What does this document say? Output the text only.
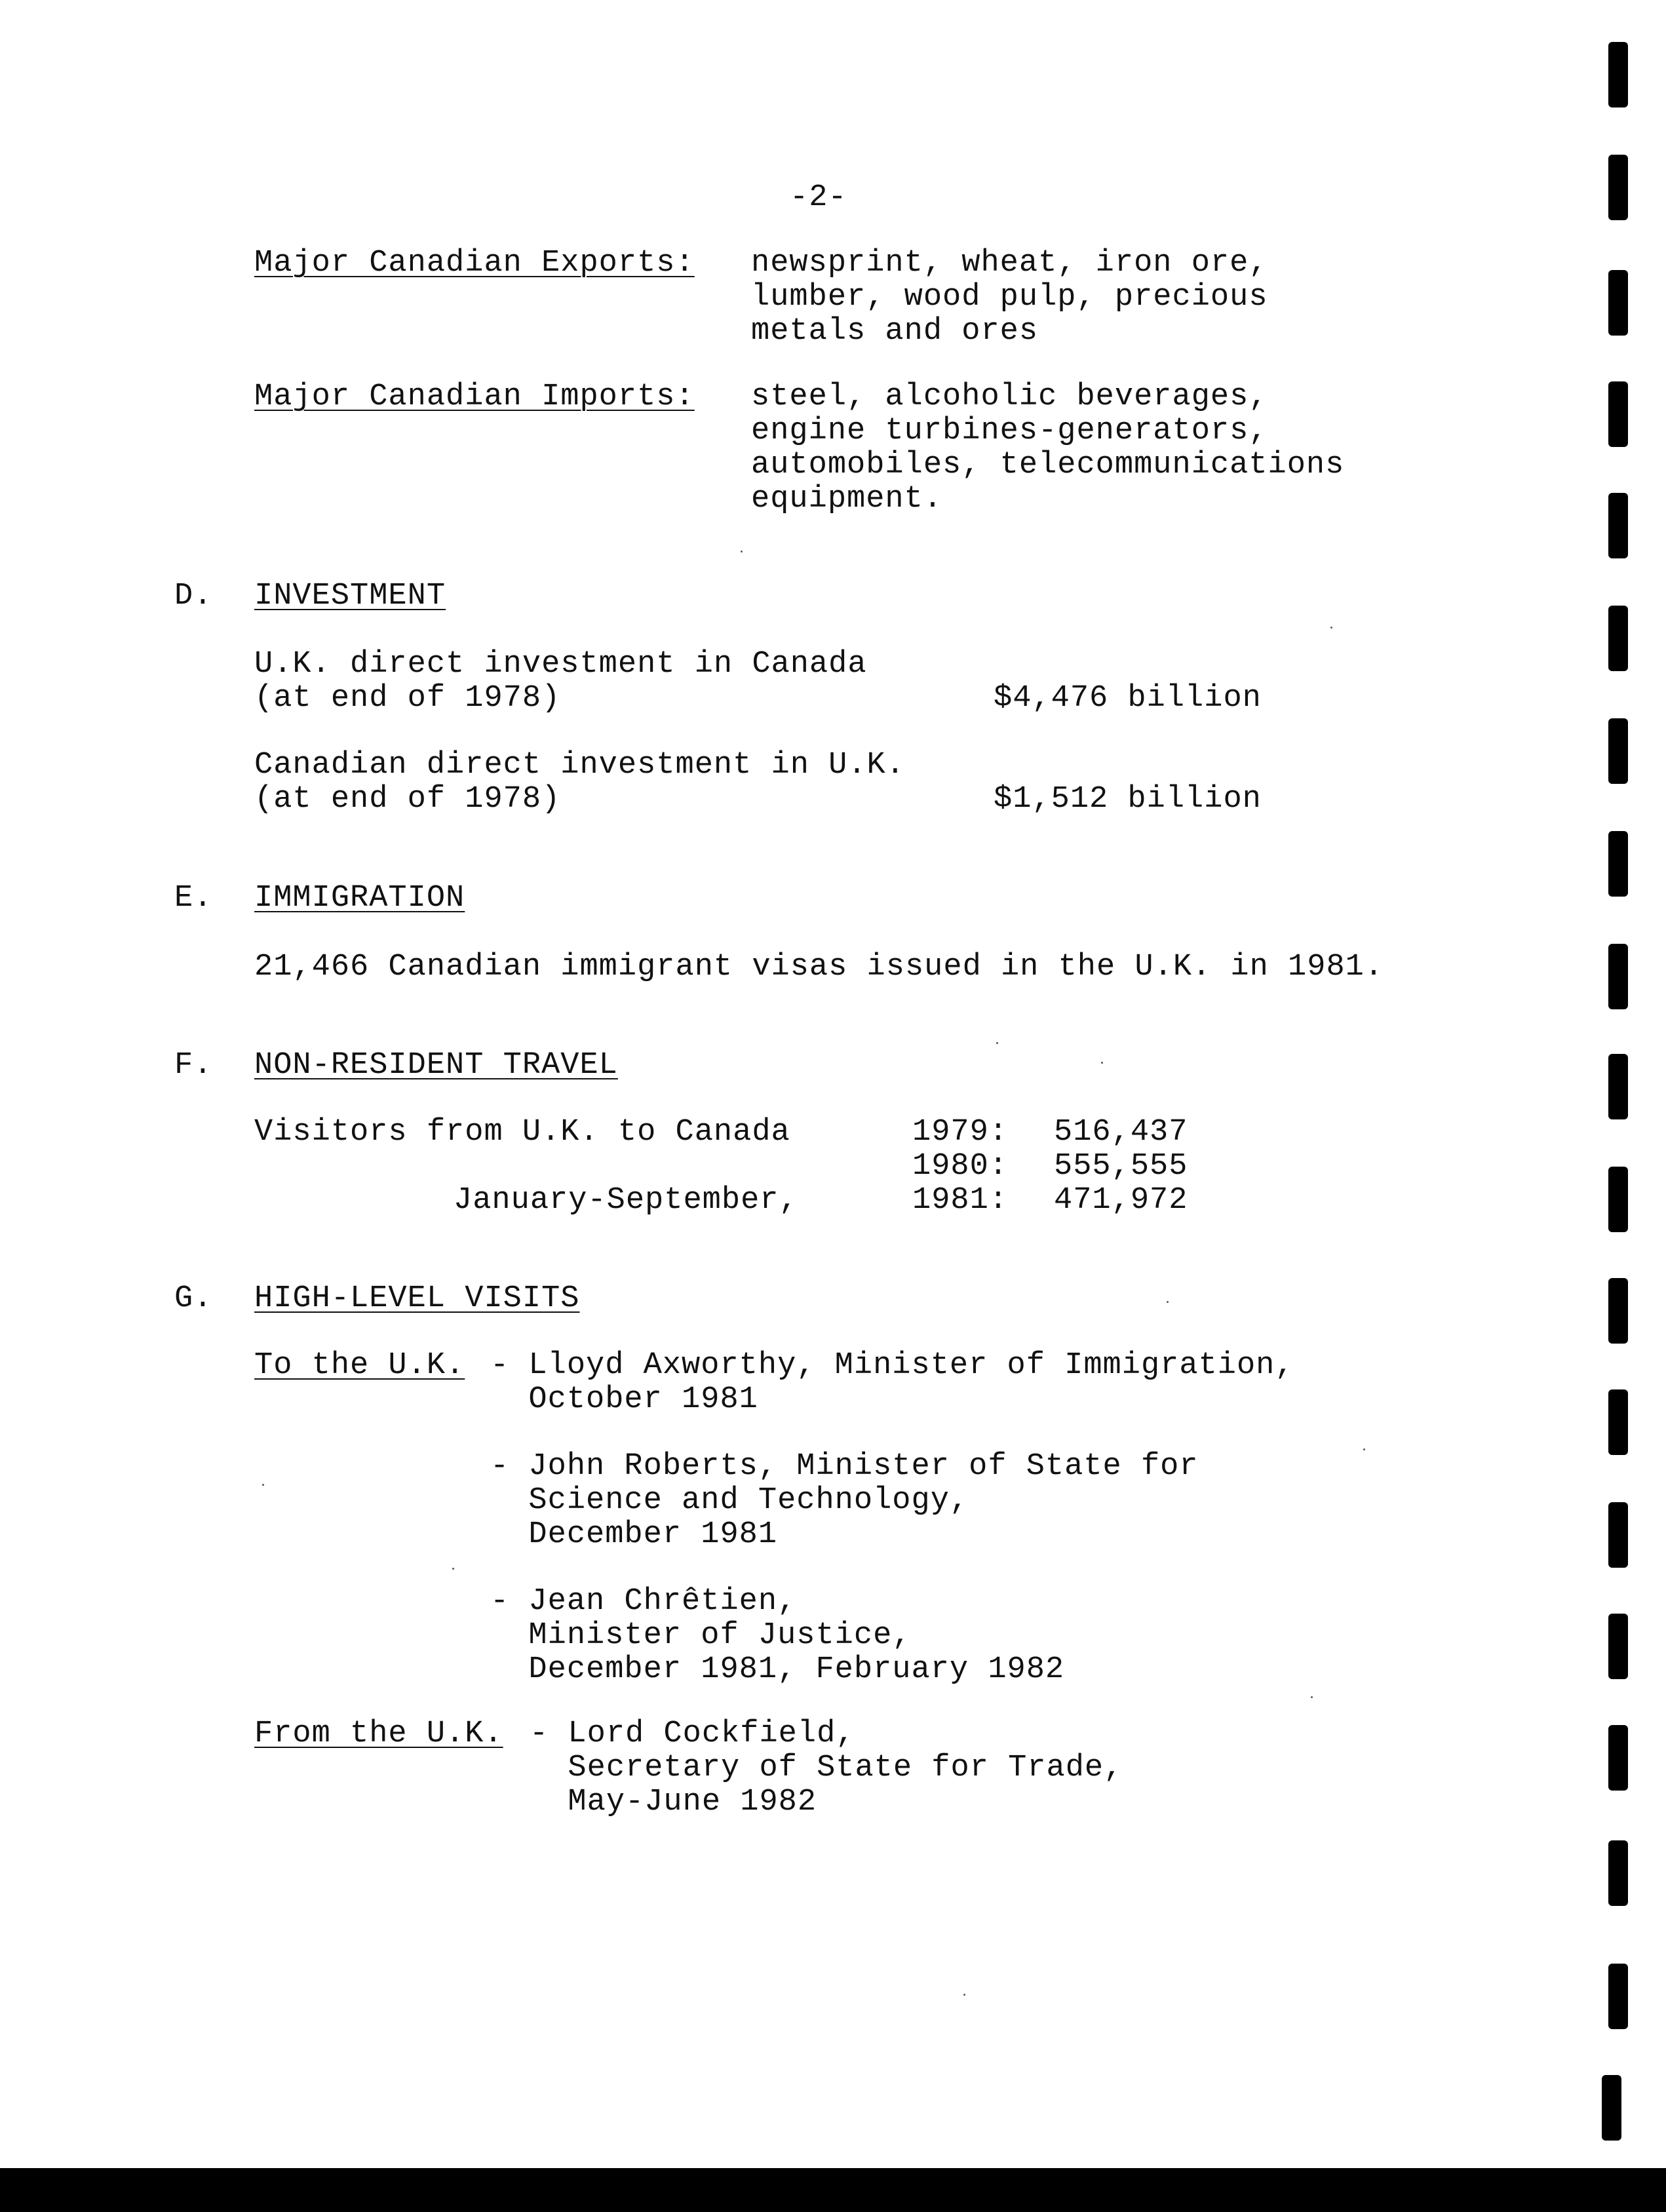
-2-
Major Canadian Exports: newsprint, wheat, iron ore,
lumber, wood pulp, precious
metals and ores
Major Canadian Imports: steel, alcoholic beverages,
engine turbines-generators,
automobiles, telecommunications
equipment.
D. INVESTMENT
U.K. direct investment in Canada
(at end of 1978)	$4,476 billion
Canadian direct investment in U.K.
(at end of 1978)	$1,512 billion
E. IMMIGRATION
21,466 Canadian immigrant visas issued in the U.K. in 1981.
F. NON-RESIDENT TRAVEL
Visitors from U.K. to Canada
January-September,
1979: 516,437
1980: 555,555
1981: 471,972
G. HIGH-LEVEL VISITS
To the U.K. - Lloyd Axworthy, Minister of Immigration,
October 1981
- John Roberts, Minister of State for
Science and Technology,
December 1981
- Jean Chrêtien,
Minister of Justice,
December 1981, February 1982
From the U.K. - Lord Cockfield,
Secretary of State for Trade,
May-June 1982
